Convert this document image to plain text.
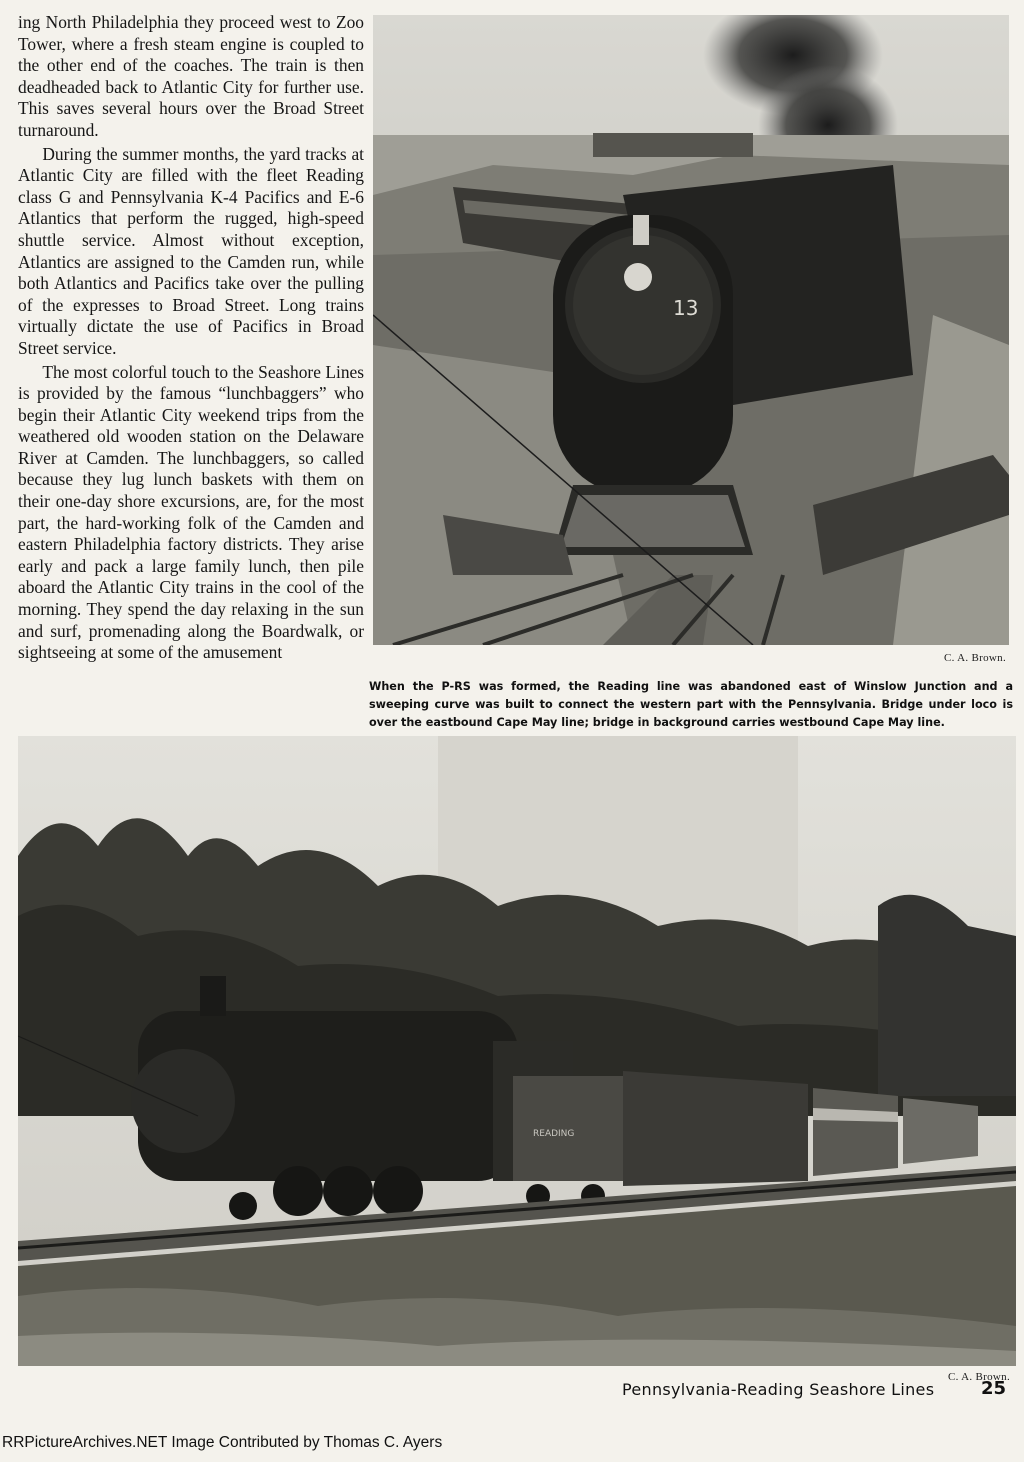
ing North Philadelphia they proceed west to Zoo Tower, where a fresh steam engine is coupled to the other end of the coaches. The train is then deadheaded back to Atlantic City for further use. This saves several hours over the Broad Street turnaround.

During the summer months, the yard tracks at Atlantic City are filled with the fleet Reading class G and Pennsylvania K-4 Pacifics and E-6 Atlantics that perform the rugged, high-speed shuttle service. Almost without exception, Atlantics are assigned to the Camden run, while both Atlantics and Pacifics take over the pulling of the expresses to Broad Street. Long trains virtually dictate the use of Pacifics in Broad Street service.

The most colorful touch to the Seashore Lines is provided by the famous “lunchbaggers” who begin their Atlantic City weekend trips from the weathered old wooden station on the Delaware River at Camden. The lunchbaggers, so called because they lug lunch baskets with them on their one-day shore excursions, are, for the most part, the hard-working folk of the Camden and eastern Philadelphia factory districts. They arise early and pack a large family lunch, then pile aboard the Atlantic City trains in the cool of the morning. They spend the day relaxing in the sun and surf, promenading along the Boardwalk, or sightseeing at some of the amusement

13
C. A. Brown.
When the P-RS was formed, the Reading line was abandoned east of Winslow Junction and a sweeping curve was built to connect the western part with the Pennsylvania. Bridge under loco is over the eastbound Cape May line; bridge in background carries westbound Cape May line.
READING
C. A. Brown.
Pennsylvania-Reading Seashore Lines	25
RRPictureArchives.NET Image Contributed by Thomas C. Ayers
